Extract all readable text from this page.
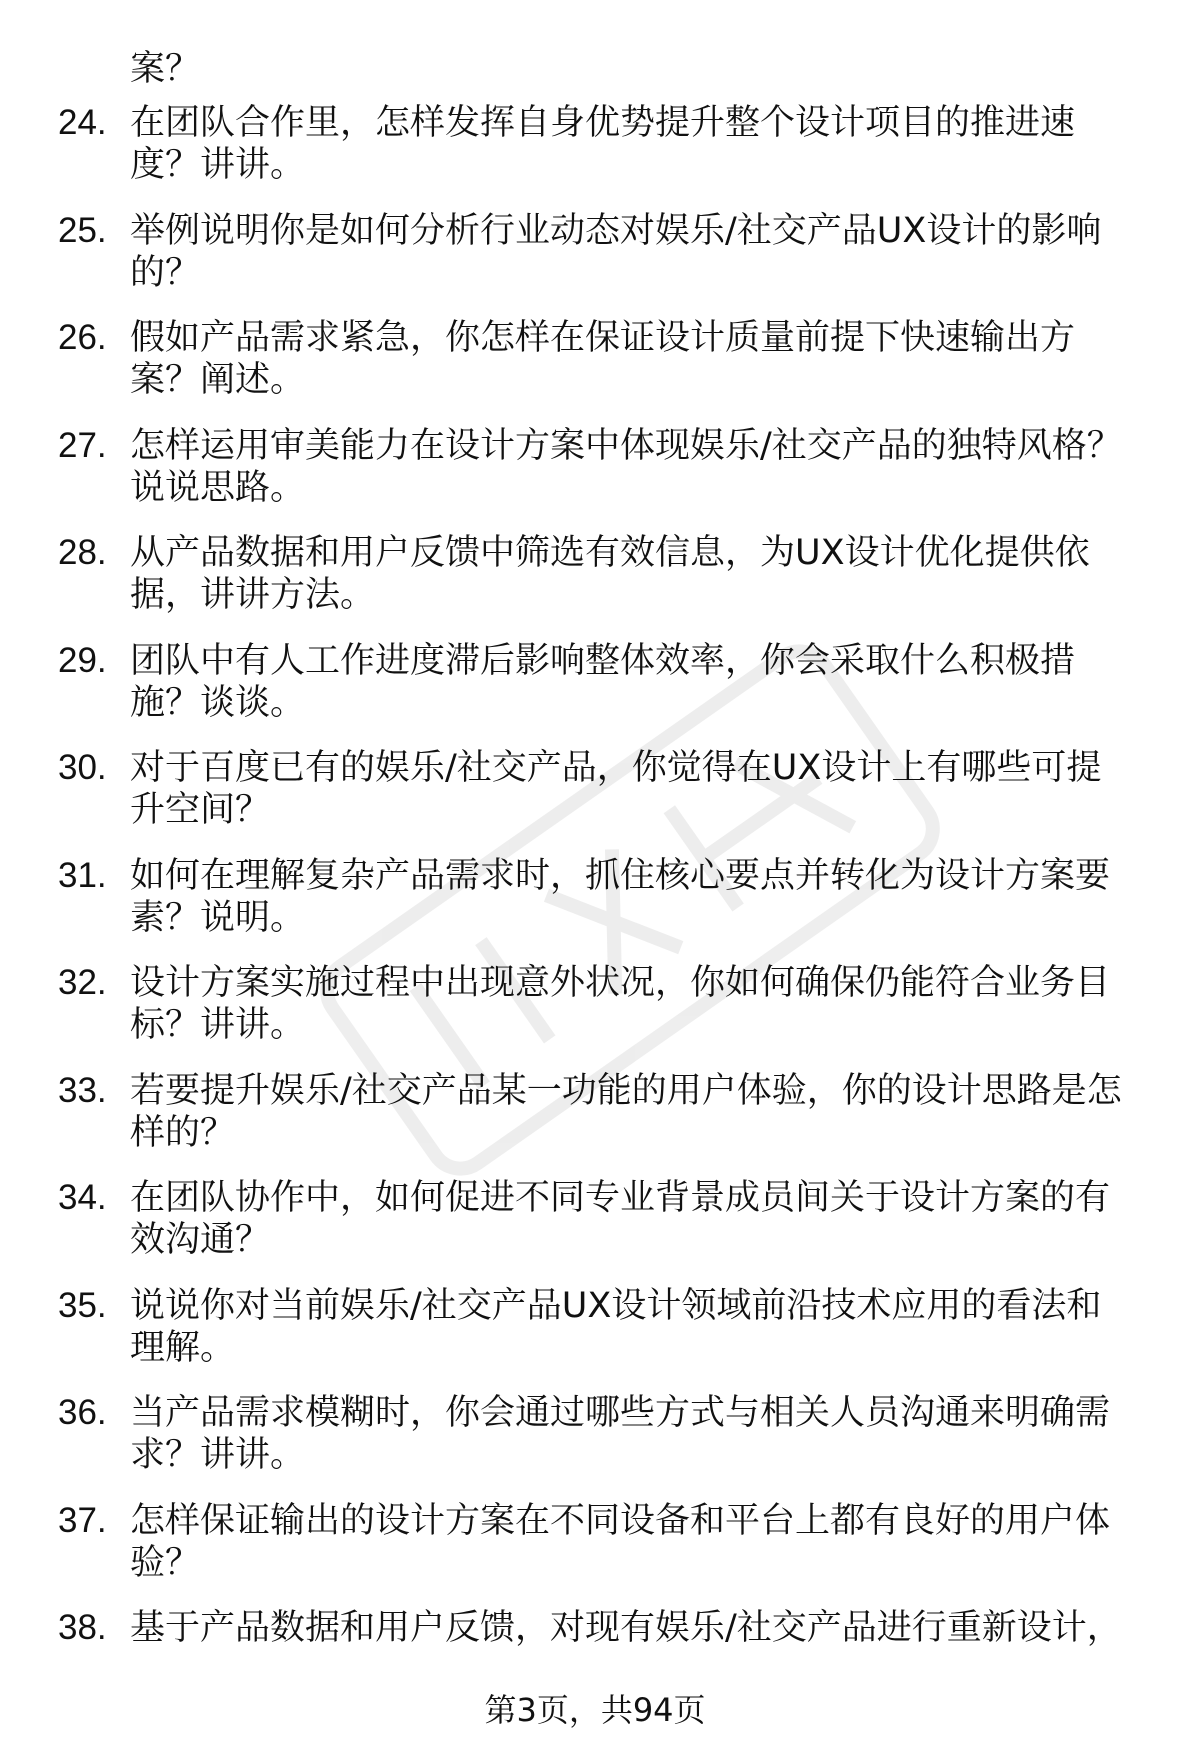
案？
24. 在团队合作里，怎样发挥自身优势提升整个设计项目的推进速
度？讲讲。
25. 举例说明你是如何分析行业动态对娱乐/社交产品UX设计的影响
的？
26. 假如产品需求紧急，你怎样在保证设计质量前提下快速输出方
案？阐述。
27. 怎样运用审美能力在设计方案中体现娱乐/社交产品的独特风格？
说说思路。
28. 从产品数据和用户反馈中筛选有效信息，为UX设计优化提供依
据，讲讲方法。
29. 团队中有人工作进度滞后影响整体效率，你会采取什么积极措
施？谈谈。
30. 对于百度已有的娱乐/社交产品，你觉得在UX设计上有哪些可提
升空间？
31. 如何在理解复杂产品需求时，抓住核心要点并转化为设计方案要
素？说明。
32. 设计方案实施过程中出现意外状况，你如何确保仍能符合业务目
标？讲讲。
33. 若要提升娱乐/社交产品某一功能的用户体验，你的设计思路是怎
样的？
34. 在团队协作中，如何促进不同专业背景成员间关于设计方案的有
效沟通？
35. 说说你对当前娱乐/社交产品UX设计领域前沿技术应用的看法和
理解。
36. 当产品需求模糊时，你会通过哪些方式与相关人员沟通来明确需
求？讲讲。
37. 怎样保证输出的设计方案在不同设备和平台上都有良好的用户体
验？
38. 基于产品数据和用户反馈，对现有娱乐/社交产品进行重新设计，
第3页，共94页
